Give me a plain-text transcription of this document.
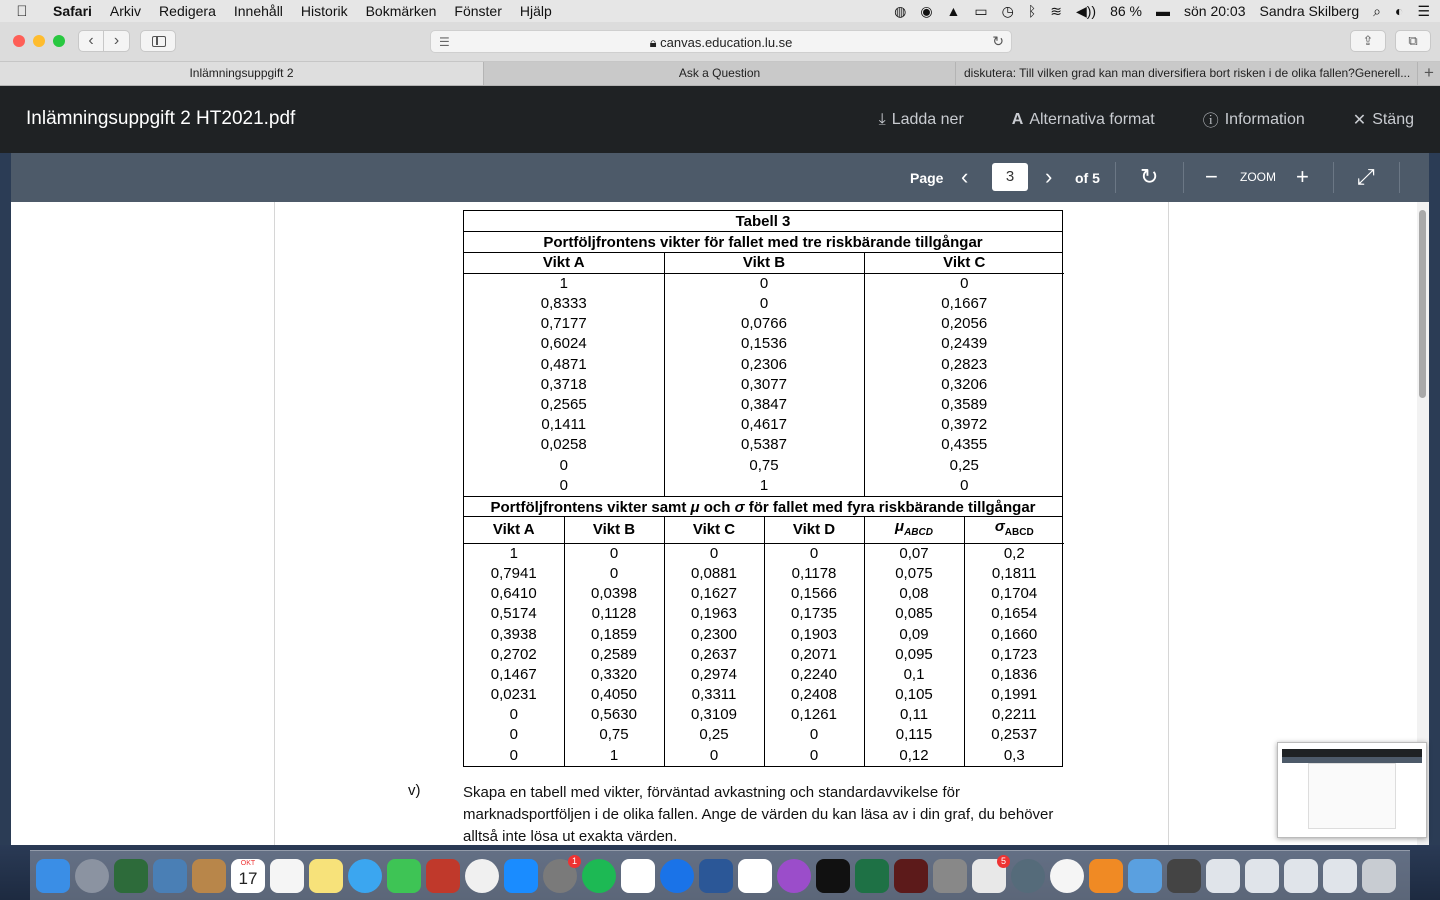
Safari	Arkiv	Redigera	Innehåll	Historik	Bokmärken	Fönster	Hjälp	◍ ◉ ▲ ▭ ◷ ᛒ ≋ ◀)) 86 % ▬ sön 20:03 Sandra Skilberg ⌕ ◐ ☰
‹	›	☰	🔒︎ canvas.education.lu.se	↻	⇪	⧉
Inlämningsuppgift 2	Ask a Question	diskutera: Till vilken grad kan man diversifiera bort risken i de olika fallen?Generell... +
Inlämningsuppgift 2 HT2021.pdf	⤓ Ladda ner	A Alternativa format	ⓘ Information	✕ Stäng
Page ‹	3	› of 5 ↻ − ZOOM + ⤢
Tabell 3
Portföljfrontens vikter för fallet med tre riskbärande tillgångar
Vikt A	Vikt B	Vikt C
1	0	0
0,8333	0	0,1667
0,7177	0,0766	0,2056
0,6024	0,1536	0,2439
0,4871	0,2306	0,2823
0,3718	0,3077	0,3206
0,2565	0,3847	0,3589
0,1411	0,4617	0,3972
0,0258	0,5387	0,4355
0	0,75	0,25
0	1	0
Portföljfrontens vikter samt μ och σ för fallet med fyra riskbärande tillgångar
Vikt A	Vikt B	Vikt C	Vikt D	$\mu_{ABCD}$	$\sigma_{ABCD}$
1	0	0	0	0,07	0,2
0,7941	0	0,0881	0,1178	0,075	0,1811
0,6410	0,0398	0,1627	0,1566	0,08	0,1704
0,5174	0,1128	0,1963	0,1735	0,085	0,1654
0,3938	0,1859	0,2300	0,1903	0,09	0,1660
0,2702	0,2589	0,2637	0,2071	0,095	0,1723
0,1467	0,3320	0,2974	0,2240	0,1	0,1836
0,0231	0,4050	0,3311	0,2408	0,105	0,1991
0	0,5630	0,3109	0,1261	0,11	0,2211
0	0,75	0,25	0	0,115	0,2537
0	1	0	0	0,12	0,3
v)	Skapa en tabell med vikter, förväntad avkastning och standardavvikelse för marknadsportföljen i de olika fallen. Ange de värden du kan läsa av i din graf, du behöver alltså inte lösa ut exakta värden.
OKT 17
1	5
